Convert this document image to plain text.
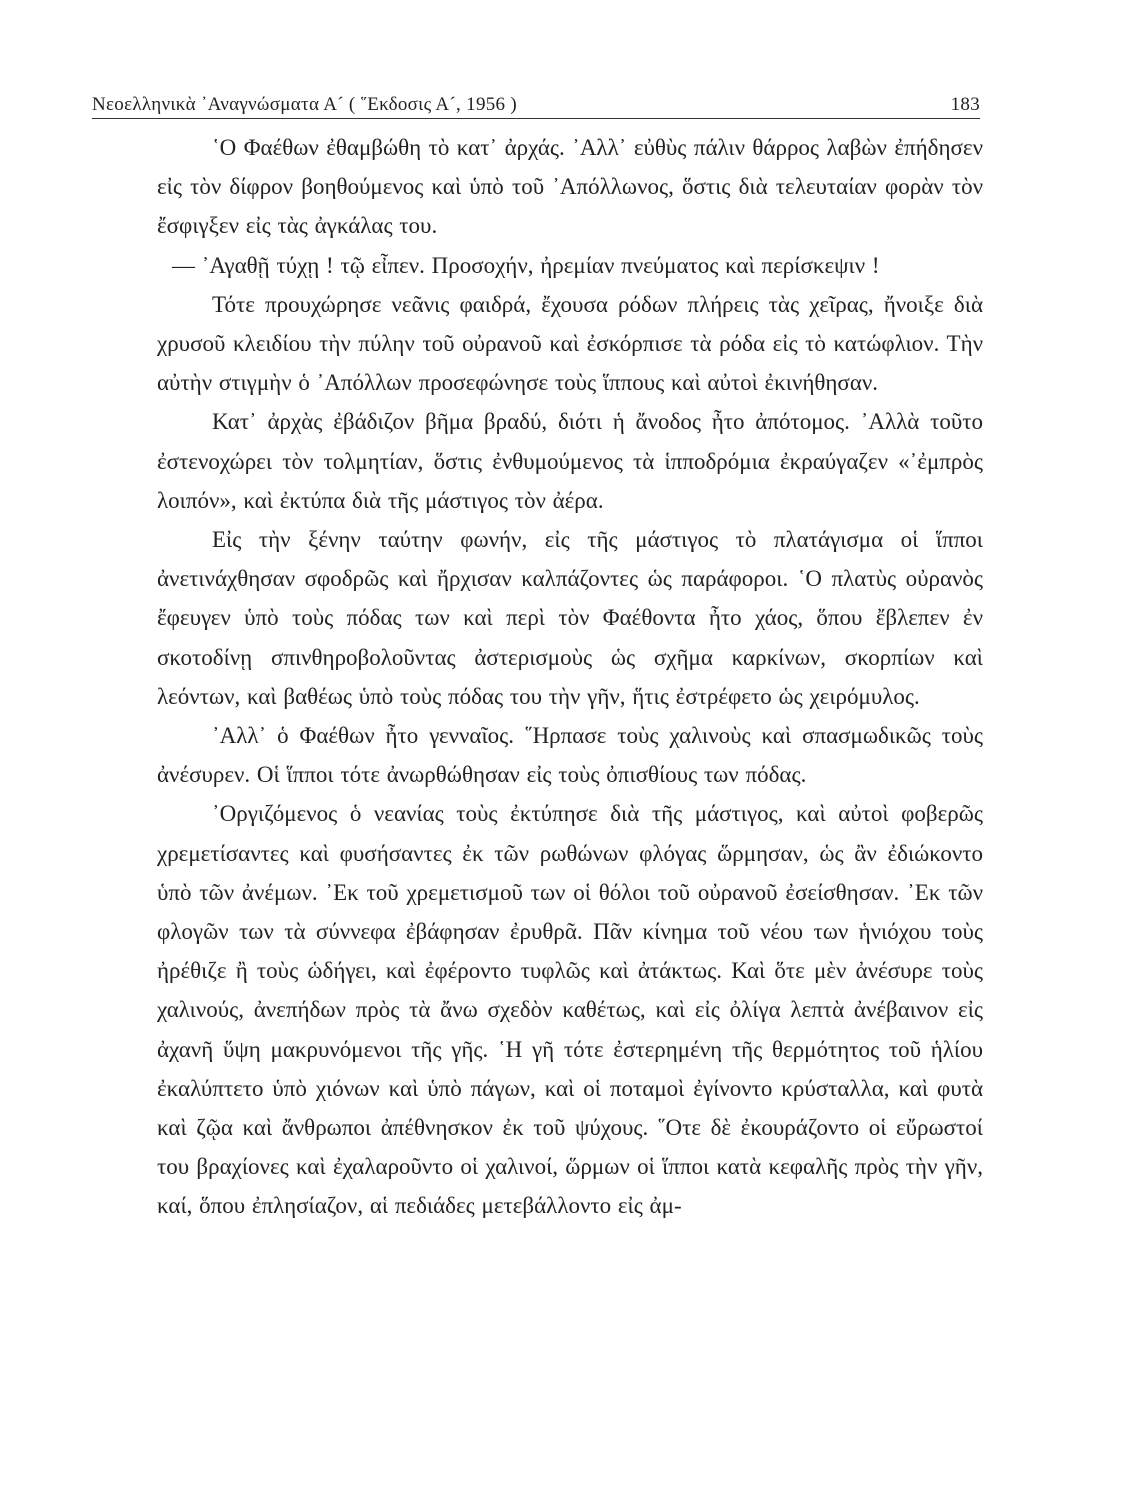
Νεοελληνικὰ ᾿Αναγνώσματα Α´ ( ῞Εκδοσις Α´, 1956 )	183

῾Ο Φαέθων ἐθαμβώθη τὸ κατ᾿ ἀρχάς. ᾿Αλλ᾿ εὐθὺς πάλιν θάρρος λαβὼν ἐπήδησεν εἰς τὸν δίφρον βοηθούμενος καὶ ὑπὸ τοῦ ᾿Απόλλωνος, ὅστις διὰ τελευταίαν φορὰν τὸν ἔσφιγξεν εἰς τὰς ἀγκάλας του.

— ᾿Αγαθῇ τύχῃ ! τῷ εἶπεν. Προσοχήν, ἠρεμίαν πνεύματος καὶ περίσκεψιν !

Τότε προυχώρησε νεᾶνις φαιδρά, ἔχουσα ρόδων πλήρεις τὰς χεῖρας, ἤνοιξε διὰ χρυσοῦ κλειδίου τὴν πύλην τοῦ οὐρανοῦ καὶ ἐσκόρπισε τὰ ρόδα εἰς τὸ κατώφλιον. Τὴν αὐτὴν στιγμὴν ὁ ᾿Απόλλων προσεφώνησε τοὺς ἵππους καὶ αὐτοὶ ἐκινήθησαν.

Κατ᾿ ἀρχὰς ἐβάδιζον βῆμα βραδύ, διότι ἡ ἄνοδος ἦτο ἀπότομος. ᾿Αλλὰ τοῦτο ἐστενοχώρει τὸν τολμητίαν, ὅστις ἐνθυμούμενος τὰ ἱπποδρόμια ἐκραύγαζεν «᾿ἐμπρὸς λοιπόν», καὶ ἐκτύπα διὰ τῆς μάστιγος τὸν ἀέρα.

Εἰς τὴν ξένην ταύτην φωνήν, εἰς τῆς μάστιγος τὸ πλατάγισμα οἱ ἵπποι ἀνετινάχθησαν σφοδρῶς καὶ ἤρχισαν καλπάζοντες ὡς παράφοροι. ῾Ο πλατὺς οὐρανὸς ἔφευγεν ὑπὸ τοὺς πόδας των καὶ περὶ τὸν Φαέθοντα ἦτο χάος, ὅπου ἔβλεπεν ἐν σκοτοδίνῃ σπινθηροβολοῦντας ἀστερισμοὺς ὡς σχῆμα καρκίνων, σκορπίων καὶ λεόντων, καὶ βαθέως ὑπὸ τοὺς πόδας του τὴν γῆν, ἥτις ἐστρέφετο ὡς χειρόμυλος.

᾿Αλλ᾿ ὁ Φαέθων ἦτο γενναῖος. ῞Ηρπασε τοὺς χαλινοὺς καὶ σπασμωδικῶς τοὺς ἀνέσυρεν. Οἱ ἵπποι τότε ἀνωρθώθησαν εἰς τοὺς ὀπισθίους των πόδας.

᾿Οργιζόμενος ὁ νεανίας τοὺς ἐκτύπησε διὰ τῆς μάστιγος, καὶ αὐτοὶ φοβερῶς χρεμετίσαντες καὶ φυσήσαντες ἐκ τῶν ρωθώνων φλόγας ὥρμησαν, ὡς ἂν ἐδιώκοντο ὑπὸ τῶν ἀνέμων. ᾿Εκ τοῦ χρεμετισμοῦ των οἱ θόλοι τοῦ οὐρανοῦ ἐσείσθησαν. ᾿Εκ τῶν φλογῶν των τὰ σύννεφα ἐβάφησαν ἐρυθρᾶ. Πᾶν κίνημα τοῦ νέου των ἡνιόχου τοὺς ἠρέθιζε ἢ τοὺς ὡδήγει, καὶ ἐφέροντο τυφλῶς καὶ ἀτάκτως. Καὶ ὅτε μὲν ἀνέσυρε τοὺς χαλινούς, ἀνεπήδων πρὸς τὰ ἄνω σχεδὸν καθέτως, καὶ εἰς ὀλίγα λεπτὰ ἀνέβαινον εἰς ἀχανῆ ὕψη μακρυνόμενοι τῆς γῆς. ῾Η γῆ τότε ἐστερημένη τῆς θερμότητος τοῦ ἡλίου ἐκαλύπτετο ὑπὸ χιόνων καὶ ὑπὸ πάγων, καὶ οἱ ποταμοὶ ἐγίνοντο κρύσταλλα, καὶ φυτὰ καὶ ζῷα καὶ ἄνθρωποι ἀπέθνησκον ἐκ τοῦ ψύχους. ῞Οτε δὲ ἐκουράζοντο οἱ εὔρωστοί του βραχίονες καὶ ἐχαλαροῦντο οἱ χαλινοί, ὥρμων οἱ ἵπποι κατὰ κεφαλῆς πρὸς τὴν γῆν, καί, ὅπου ἐπλησίαζον, αἱ πεδιάδες μετεβάλλοντο εἰς ἀμ-
